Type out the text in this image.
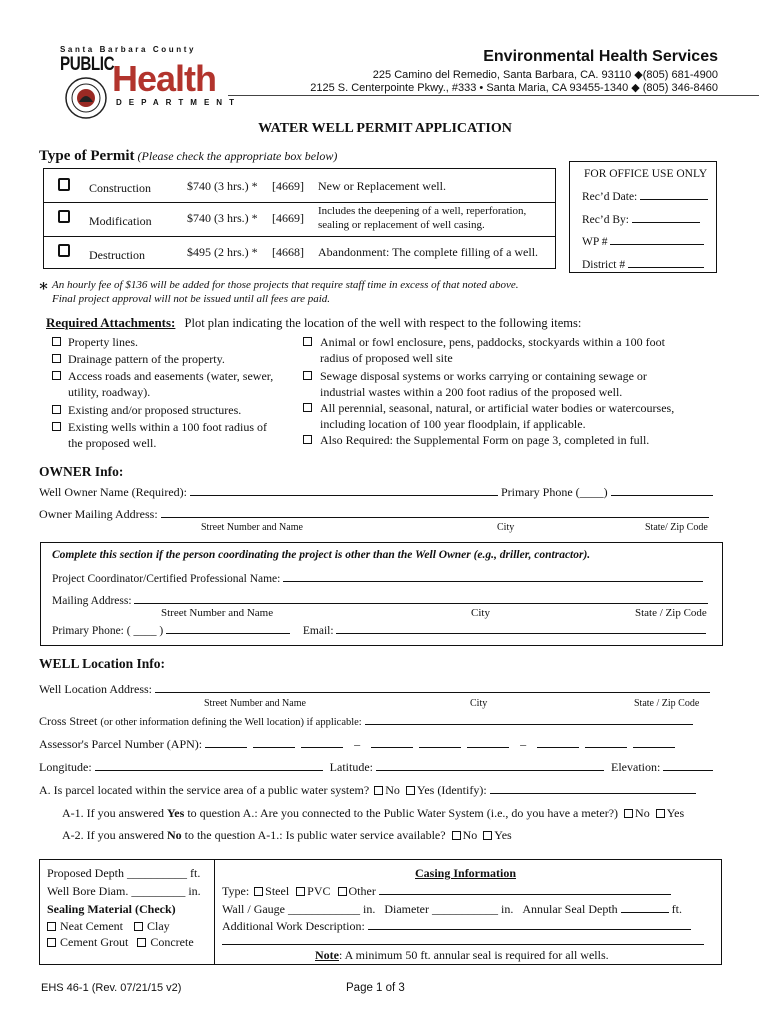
Santa Barbara County
PUBLIC
Health
DEPARTMENT
Environmental Health Services
225 Camino del Remedio, Santa Barbara, CA. 93110 ◆(805) 681-4900
2125 S. Centerpointe Pkwy., #333 • Santa Maria, CA 93455-1340 ◆ (805) 346-8460
WATER WELL PERMIT APPLICATION
Type of Permit (Please check the appropriate box below)
Construction	$740 (3 hrs.) * [4669] New or Replacement well.
Modification	$740 (3 hrs.) * [4669] Includes the deepening of a well, reperforation, sealing or replacement of well casing.
Destruction	$495 (2 hrs.) * [4668] Abandonment: The complete filling of a well.
FOR OFFICE USE ONLY
Rec’d Date:
Rec’d By:
WP #
District #
∗ An hourly fee of $136 will be added for those projects that require staff time in excess of that noted above. Final project approval will not be issued until all fees are paid.
Required Attachments: Plot plan indicating the location of the well with respect to the following items:
Property lines.
Drainage pattern of the property.
Access roads and easements (water, sewer, utility, roadway).
Existing and/or proposed structures.
Existing wells within a 100 foot radius of the proposed well.
Animal or fowl enclosure, pens, paddocks, stockyards within a 100 foot radius of proposed well site
Sewage disposal systems or works carrying or containing sewage or industrial wastes within a 200 foot radius of the proposed well.
All perennial, seasonal, natural, or artificial water bodies or watercourses, including location of 100 year floodplain, if applicable.
Also Required: the Supplemental Form on page 3, completed in full.
OWNER Info:
Well Owner Name (Required):	Primary Phone (____)
Owner Mailing Address:
Street Number and Name	City	State/ Zip Code
Complete this section if the person coordinating the project is other than the Well Owner (e.g., driller, contractor).
Project Coordinator/Certified Professional Name:
Mailing Address:
Street Number and Name	City	State / Zip Code
Primary Phone: ( ____ )	Email:
WELL Location Info:
Well Location Address:
Street Number and Name	City	State / Zip Code
Cross Street (or other information defining the Well location) if applicable:
Assessor's Parcel Number (APN):	–	–
Longitude:	Latitude:	Elevation:
A. Is parcel located within the service area of a public water system? No Yes (Identify):
A-1. If you answered Yes to question A.: Are you connected to the Public Water System (i.e., do you have a meter?) No Yes
A-2. If you answered No to the question A-1.: Is public water service available? No Yes
Proposed Depth __________ ft.
Well Bore Diam. _________ in.
Sealing Material (Check)
Neat Cement Clay
Cement Grout Concrete
Casing Information
Type: Steel PVC Other
Wall / Gauge ____________ in. Diameter ___________ in. Annular Seal Depth	ft.
Additional Work Description:
Note: A minimum 50 ft. annular seal is required for all wells.
EHS 46-1 (Rev. 07/21/15 v2)	Page 1 of 3
